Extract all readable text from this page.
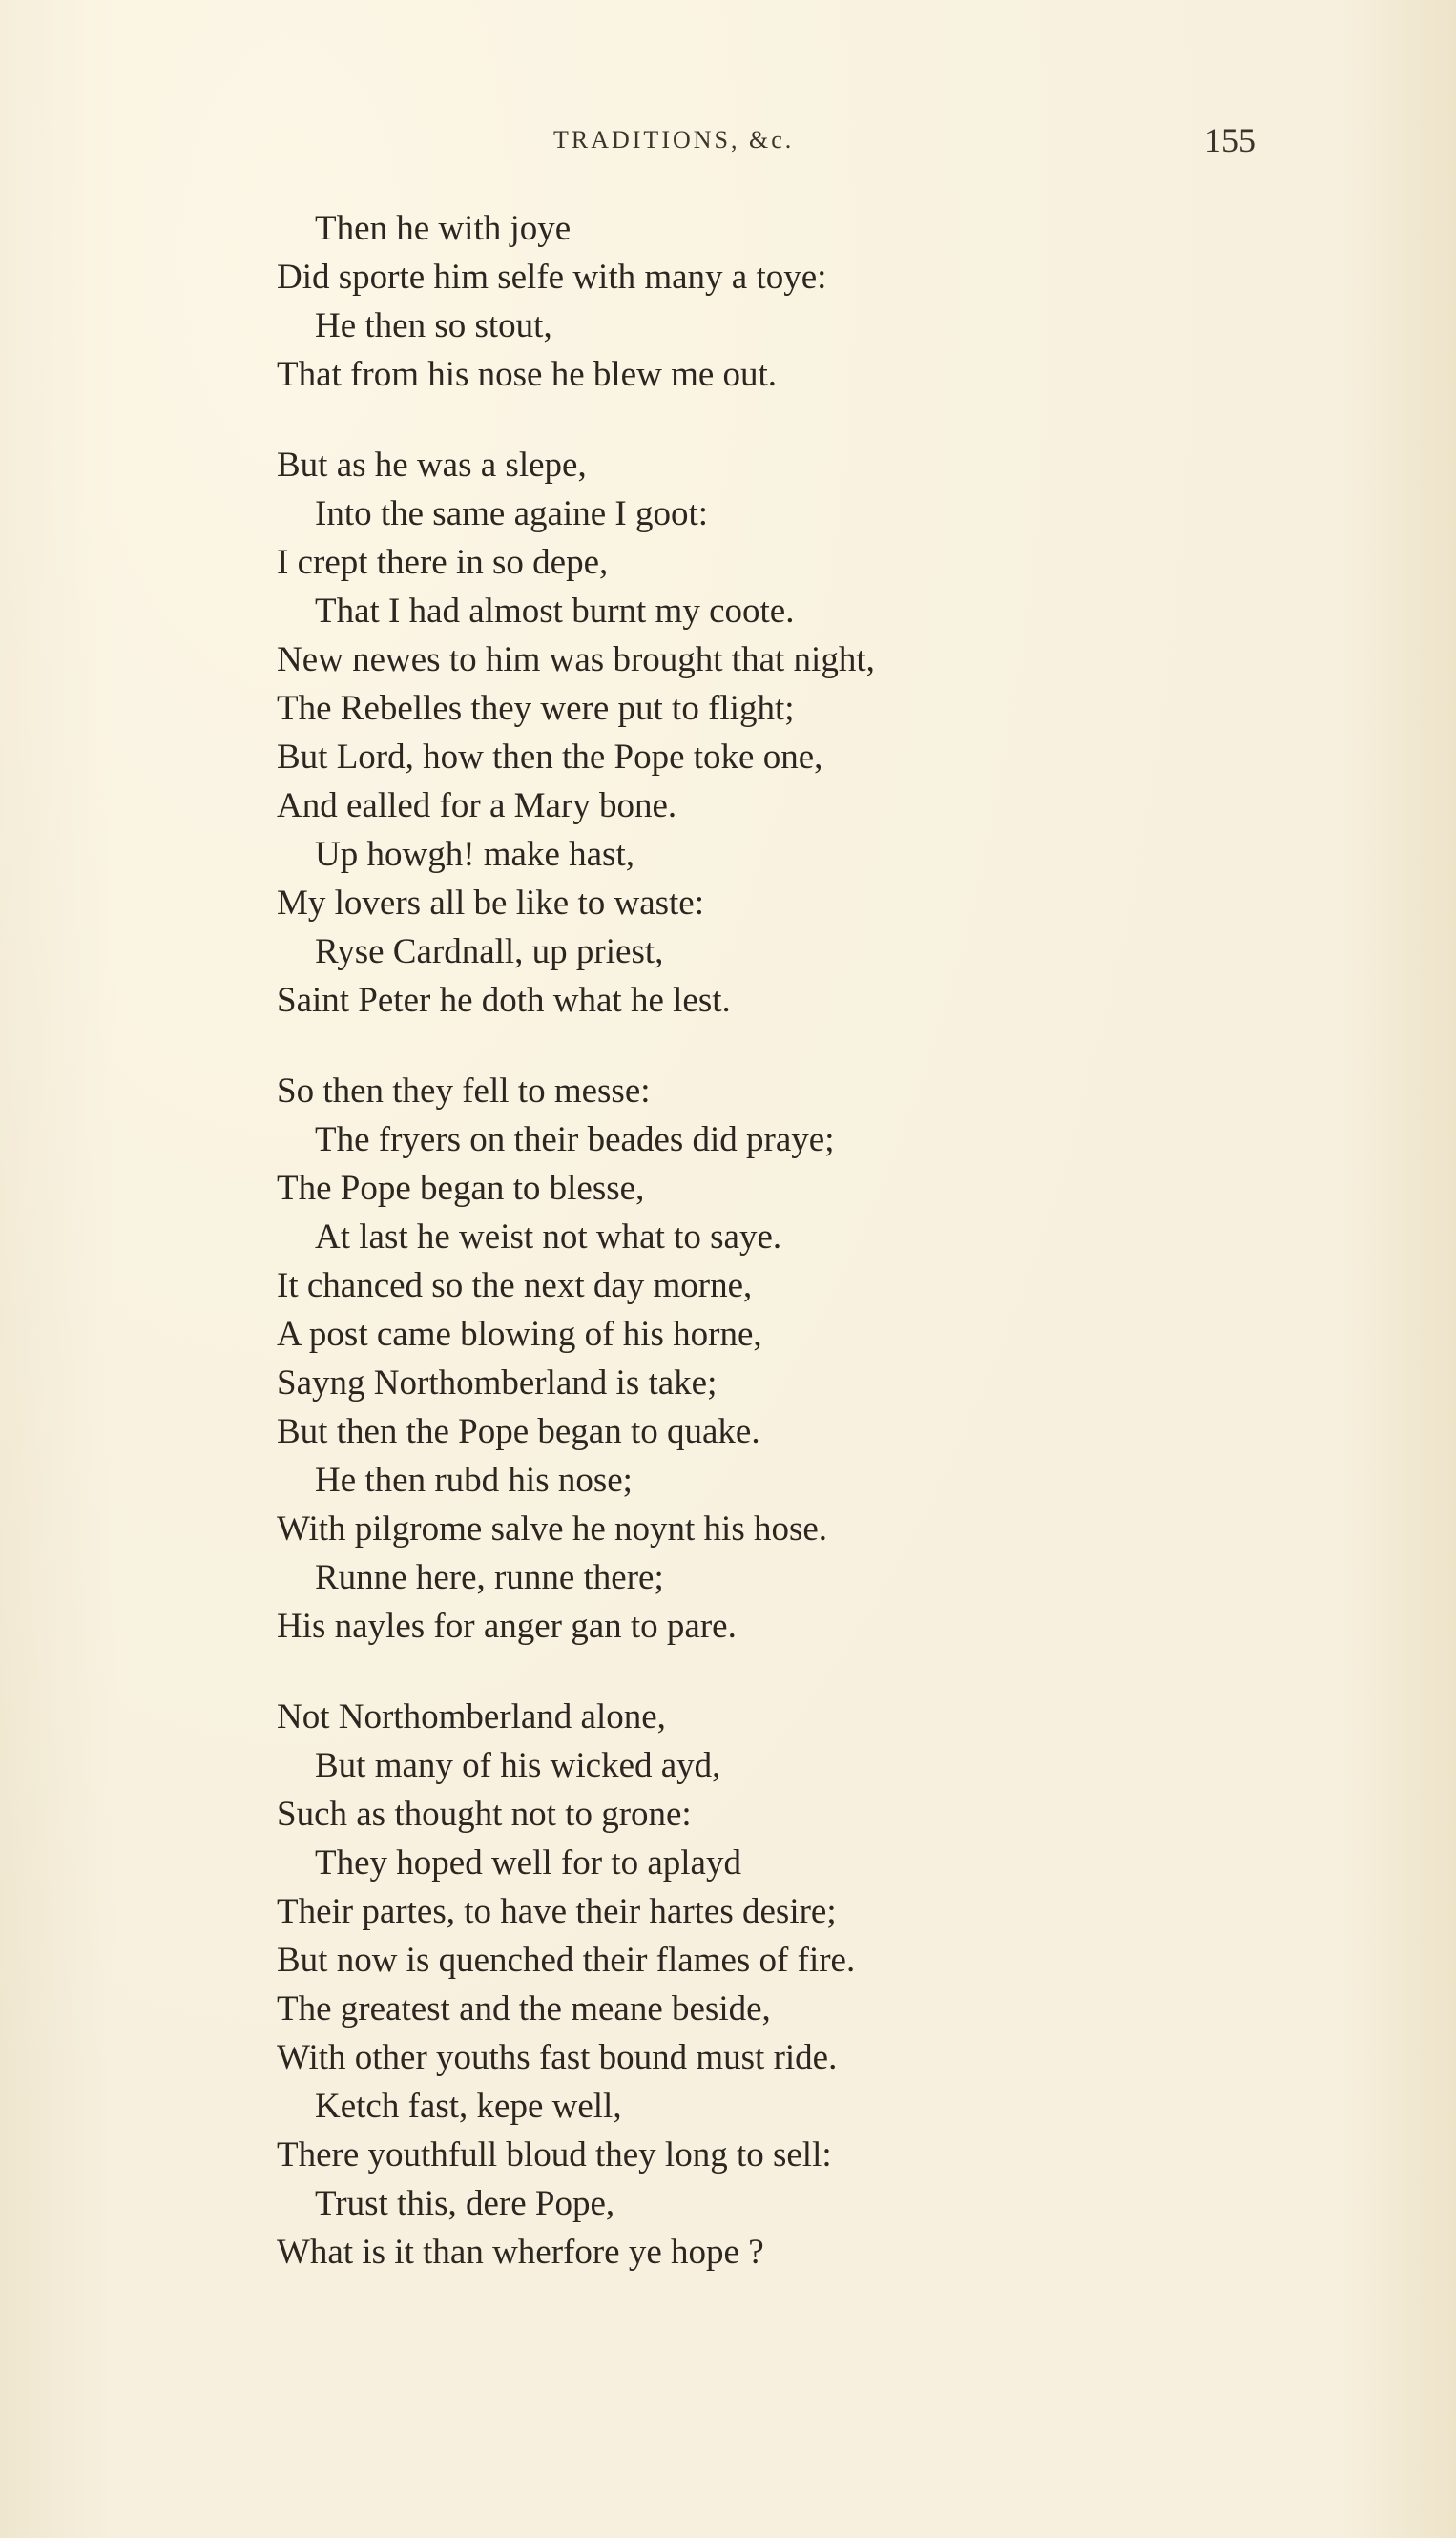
TRADITIONS, &c.	155
Then he with joye
Did sporte him selfe with many a toye:
He then so stout,
That from his nose he blew me out.
But as he was a slepe,
Into the same againe I goot:
I crept there in so depe,
That I had almost burnt my coote.
New newes to him was brought that night,
The Rebelles they were put to flight;
But Lord, how then the Pope toke one,
And ealled for a Mary bone.
Up howgh! make hast,
My lovers all be like to waste:
Ryse Cardnall, up priest,
Saint Peter he doth what he lest.
So then they fell to messe:
The fryers on their beades did praye;
The Pope began to blesse,
At last he weist not what to saye.
It chanced so the next day morne,
A post came blowing of his horne,
Sayng Northomberland is take;
But then the Pope began to quake.
He then rubd his nose;
With pilgrome salve he noynt his hose.
Runne here, runne there;
His nayles for anger gan to pare.
Not Northomberland alone,
But many of his wicked ayd,
Such as thought not to grone:
They hoped well for to aplayd
Their partes, to have their hartes desire;
But now is quenched their flames of fire.
The greatest and the meane beside,
With other youths fast bound must ride.
Ketch fast, kepe well,
There youthfull bloud they long to sell:
Trust this, dere Pope,
What is it than wherfore ye hope ?
